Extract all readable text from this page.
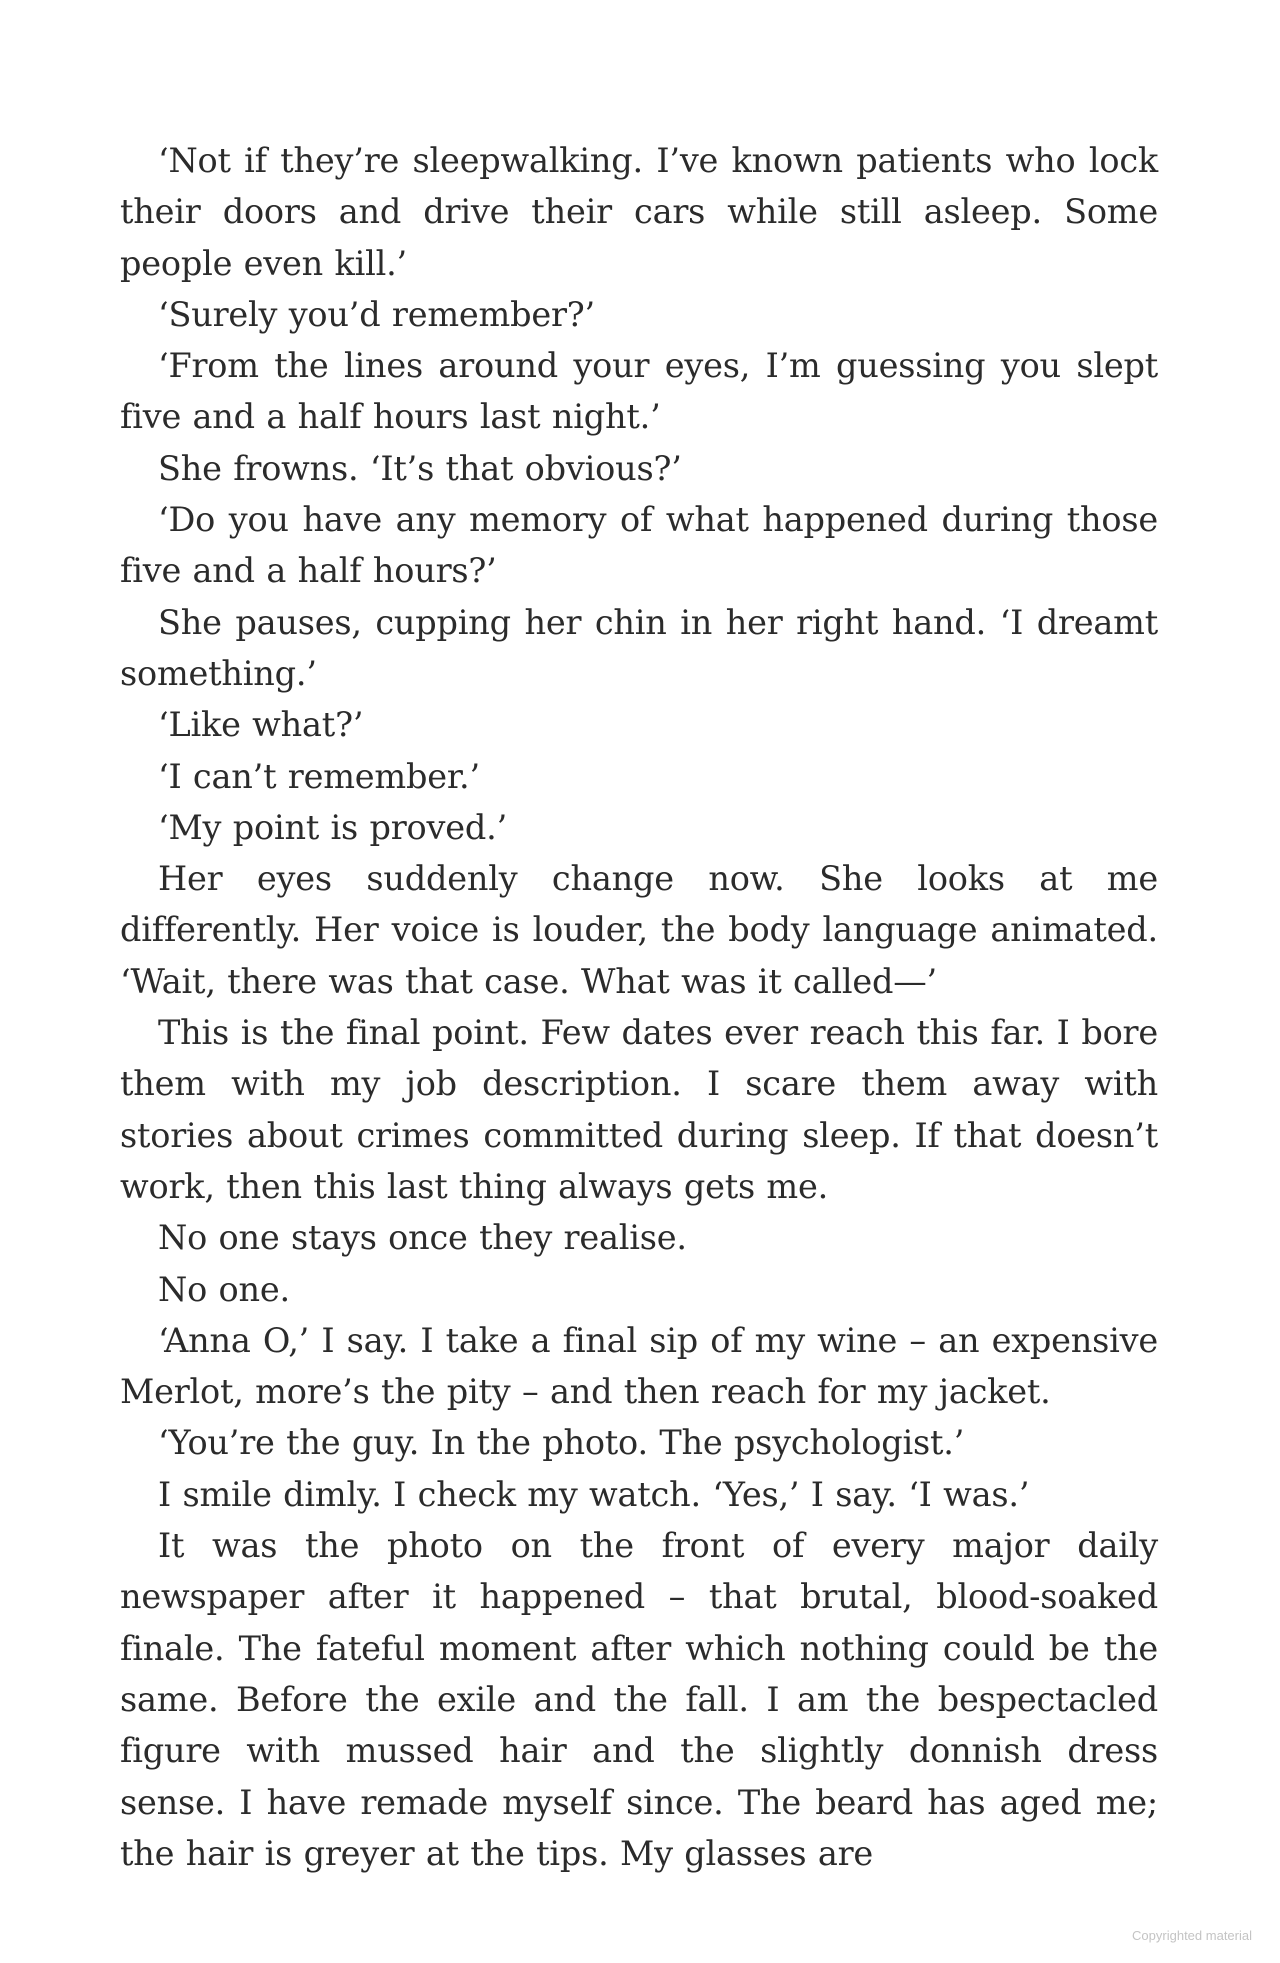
‘Not if they’re sleepwalking. I’ve known patients who lock their doors and drive their cars while still asleep. Some people even kill.’

‘Surely you’d remember?’

‘From the lines around your eyes, I’m guessing you slept five and a half hours last night.’

She frowns. ‘It’s that obvious?’

‘Do you have any memory of what happened during those five and a half hours?’

She pauses, cupping her chin in her right hand. ‘I dreamt something.’

‘Like what?’

‘I can’t remember.’

‘My point is proved.’

Her eyes suddenly change now. She looks at me differently. Her voice is louder, the body language animated. ‘Wait, there was that case. What was it called—’

This is the final point. Few dates ever reach this far. I bore them with my job description. I scare them away with stories about crimes committed during sleep. If that doesn’t work, then this last thing always gets me.

No one stays once they realise.

No one.

‘Anna O,’ I say. I take a final sip of my wine – an expensive Merlot, more’s the pity – and then reach for my jacket.

‘You’re the guy. In the photo. The psychologist.’

I smile dimly. I check my watch. ‘Yes,’ I say. ‘I was.’

It was the photo on the front of every major daily newspaper after it happened – that brutal, blood-soaked finale. The fateful moment after which nothing could be the same. Before the exile and the fall. I am the bespectacled figure with mussed hair and the slightly donnish dress sense. I have remade myself since. The beard has aged me; the hair is greyer at the tips. My glasses are

Copyrighted material
